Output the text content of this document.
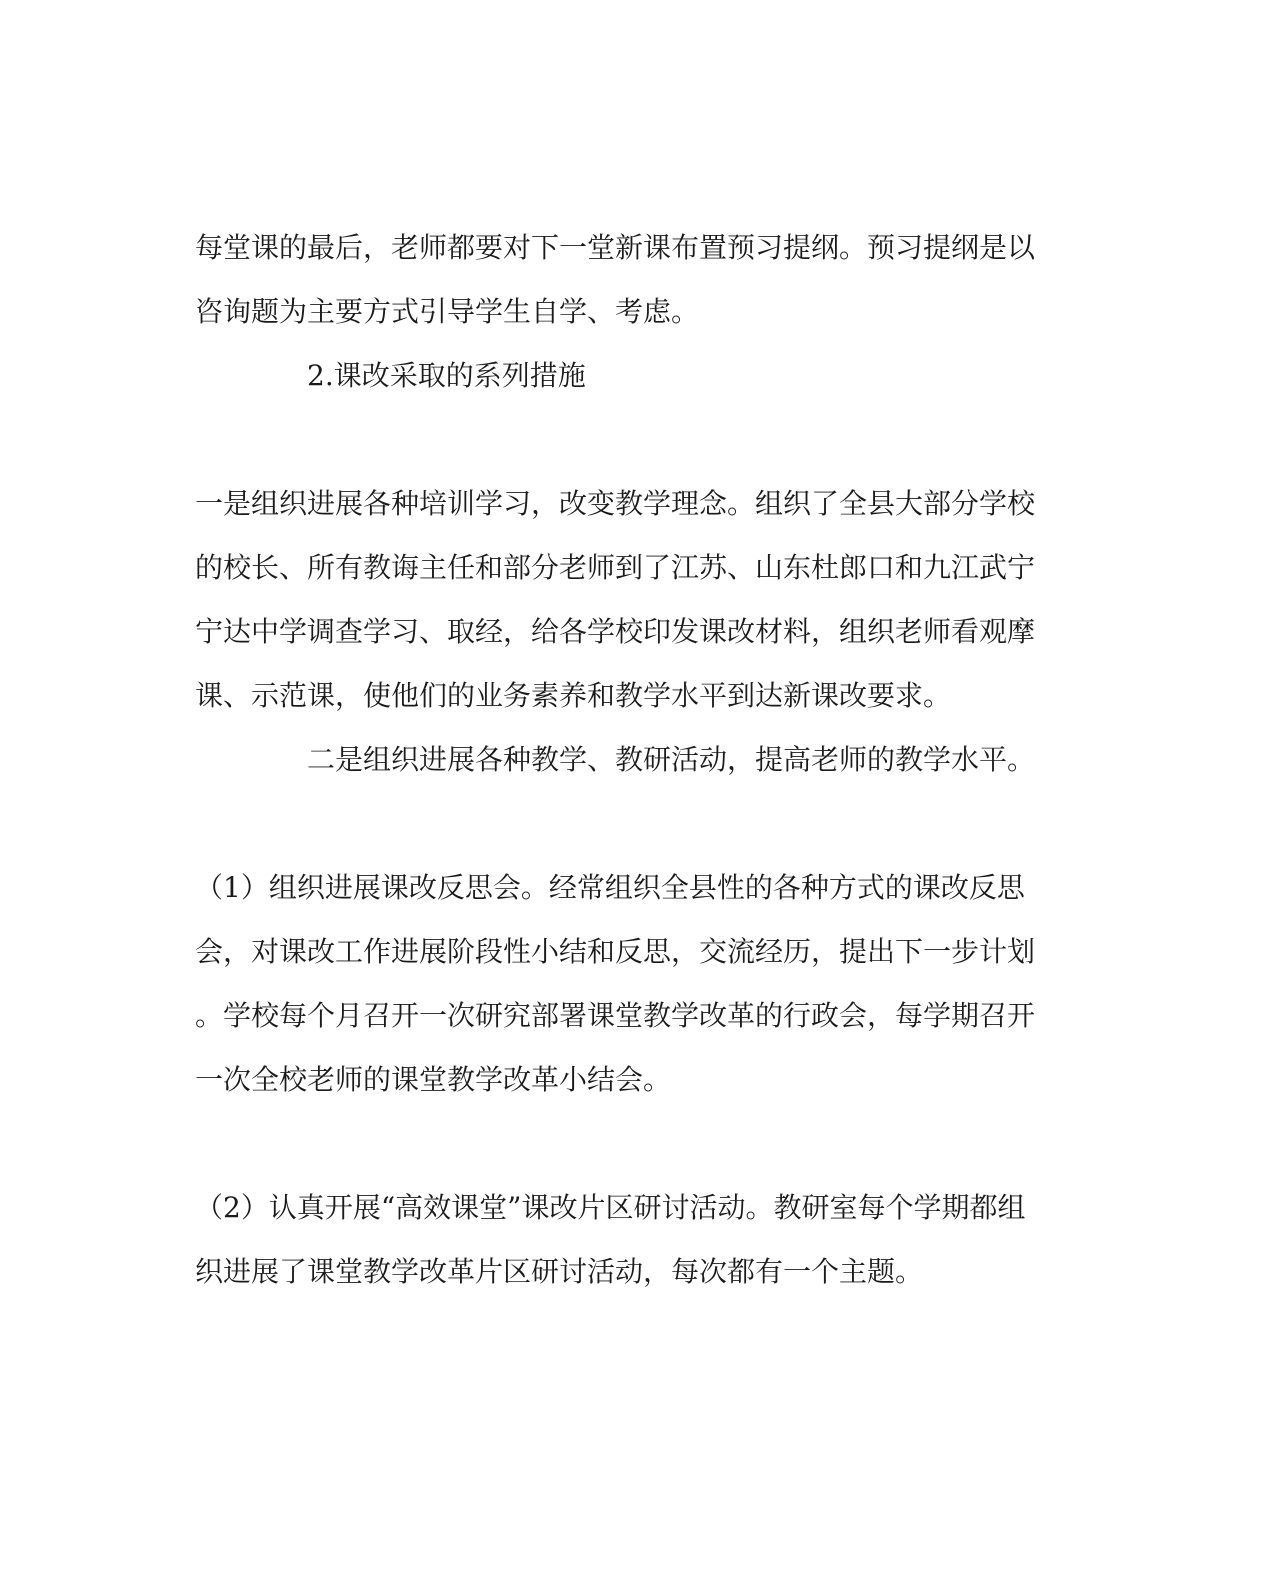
每堂课的最后，老师都要对下一堂新课布置预习提纲。预习提纲是以

咨询题为主要方式引导学生自学、考虑。

2.课改采取的系列措施

一是组织进展各种培训学习，改变教学理念。组织了全县大部分学校

的校长、所有教诲主任和部分老师到了江苏、山东杜郎口和九江武宁

宁达中学调查学习、取经，给各学校印发课改材料，组织老师看观摩

课、示范课，使他们的业务素养和教学水平到达新课改要求。

二是组织进展各种教学、教研活动，提高老师的教学水平。

（1）组织进展课改反思会。经常组织全县性的各种方式的课改反思

会，对课改工作进展阶段性小结和反思，交流经历，提出下一步计划

。学校每个月召开一次研究部署课堂教学改革的行政会，每学期召开

一次全校老师的课堂教学改革小结会。

（2）认真开展“高效课堂”课改片区研讨活动。教研室每个学期都组

织进展了课堂教学改革片区研讨活动，每次都有一个主题。
